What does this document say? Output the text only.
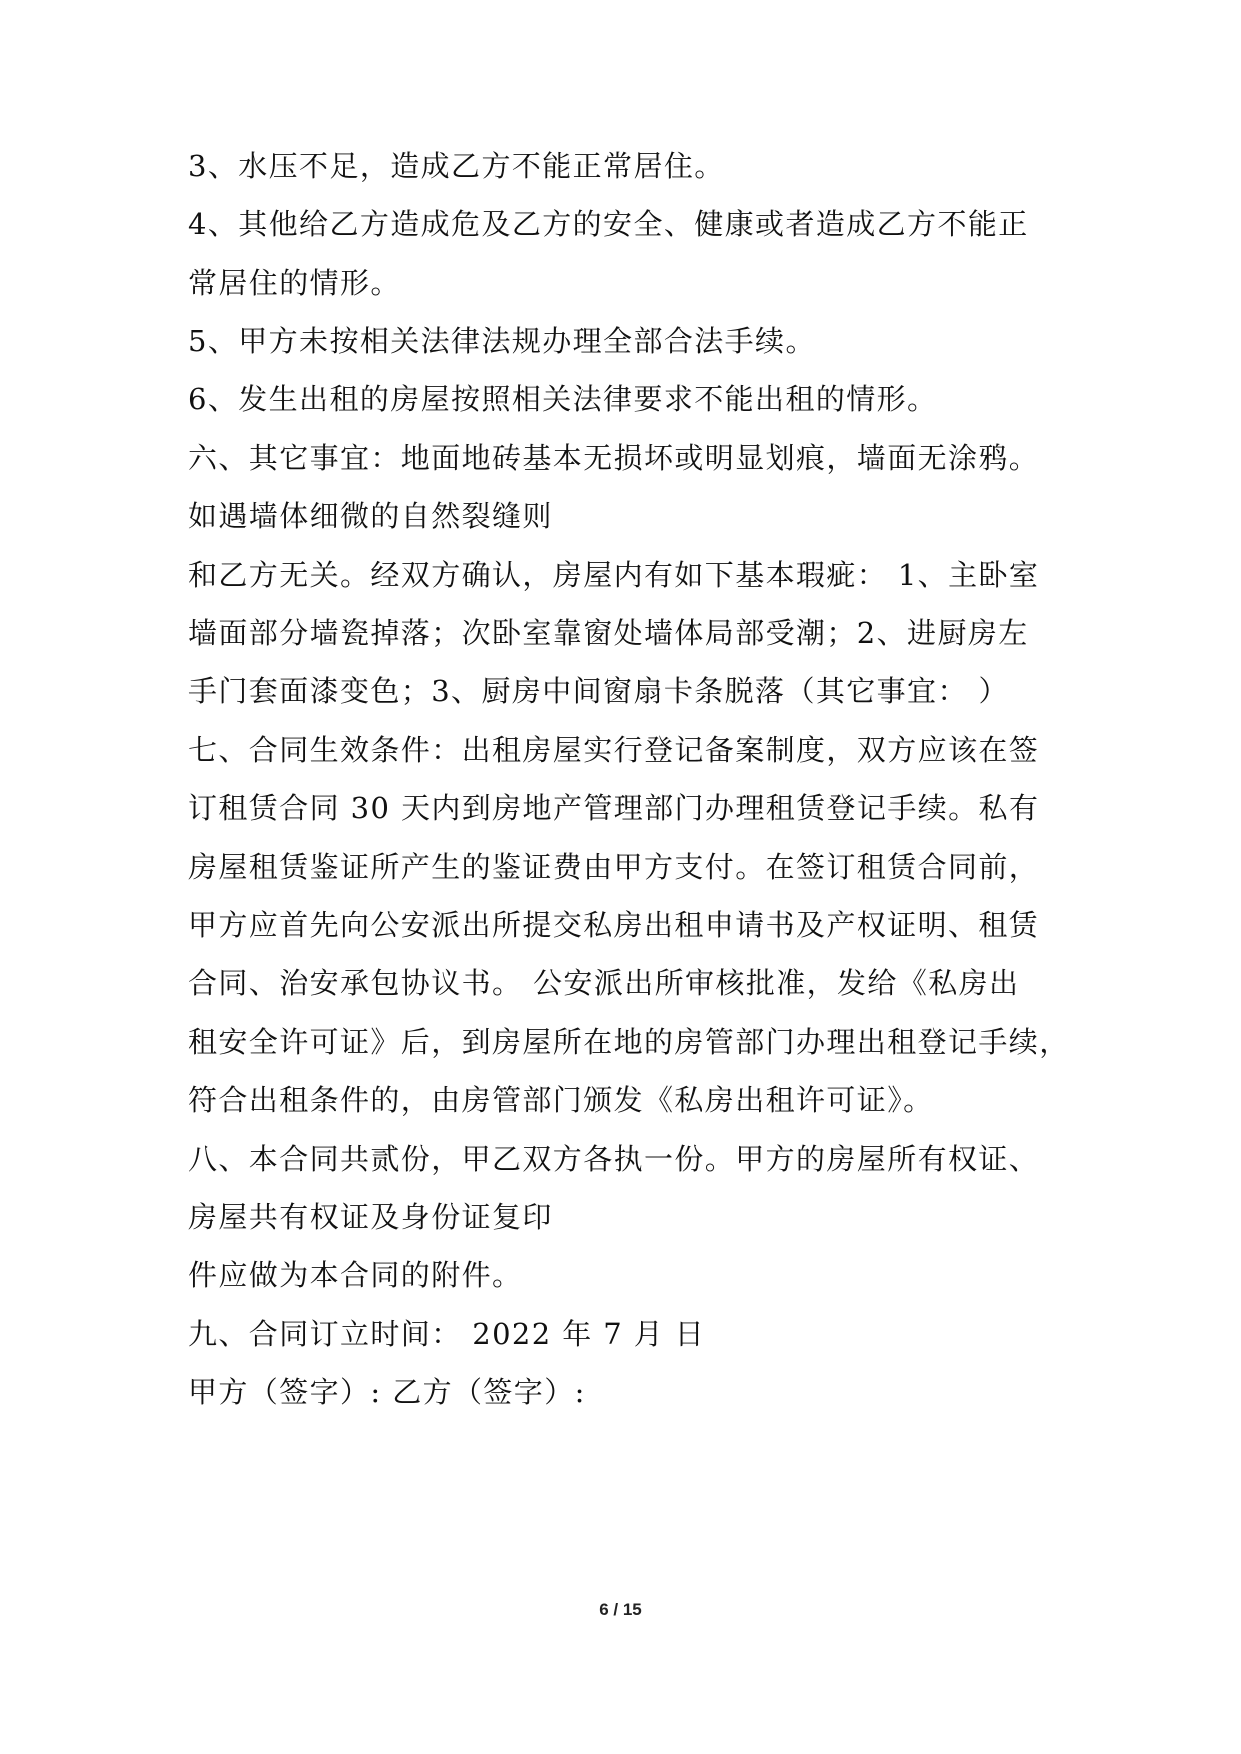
3、水压不足，造成乙方不能正常居住。
4、其他给乙方造成危及乙方的安全、健康或者造成乙方不能正
常居住的情形。
5、甲方未按相关法律法规办理全部合法手续。
6、发生出租的房屋按照相关法律要求不能出租的情形。
六、其它事宜：地面地砖基本无损坏或明显划痕，墙面无涂鸦。
如遇墙体细微的自然裂缝则
和乙方无关。经双方确认，房屋内有如下基本瑕疵： 1、主卧室
墙面部分墙瓷掉落；次卧室靠窗处墙体局部受潮；2、进厨房左
手门套面漆变色；3、厨房中间窗扇卡条脱落（其它事宜： ）
七、合同生效条件：出租房屋实行登记备案制度，双方应该在签
订租赁合同 30 天内到房地产管理部门办理租赁登记手续。私有
房屋租赁鉴证所产生的鉴证费由甲方支付。在签订租赁合同前，
甲方应首先向公安派出所提交私房出租申请书及产权证明、租赁
合同、治安承包协议书。 公安派出所审核批准，发给《私房出
租安全许可证》后，到房屋所在地的房管部门办理出租登记手续，
符合出租条件的，由房管部门颁发《私房出租许可证》。
八、本合同共贰份，甲乙双方各执一份。甲方的房屋所有权证、
房屋共有权证及身份证复印
件应做为本合同的附件。
九、合同订立时间： 2022 年 7 月 日
甲方（签字）: 乙方（签字）:
6 / 15
